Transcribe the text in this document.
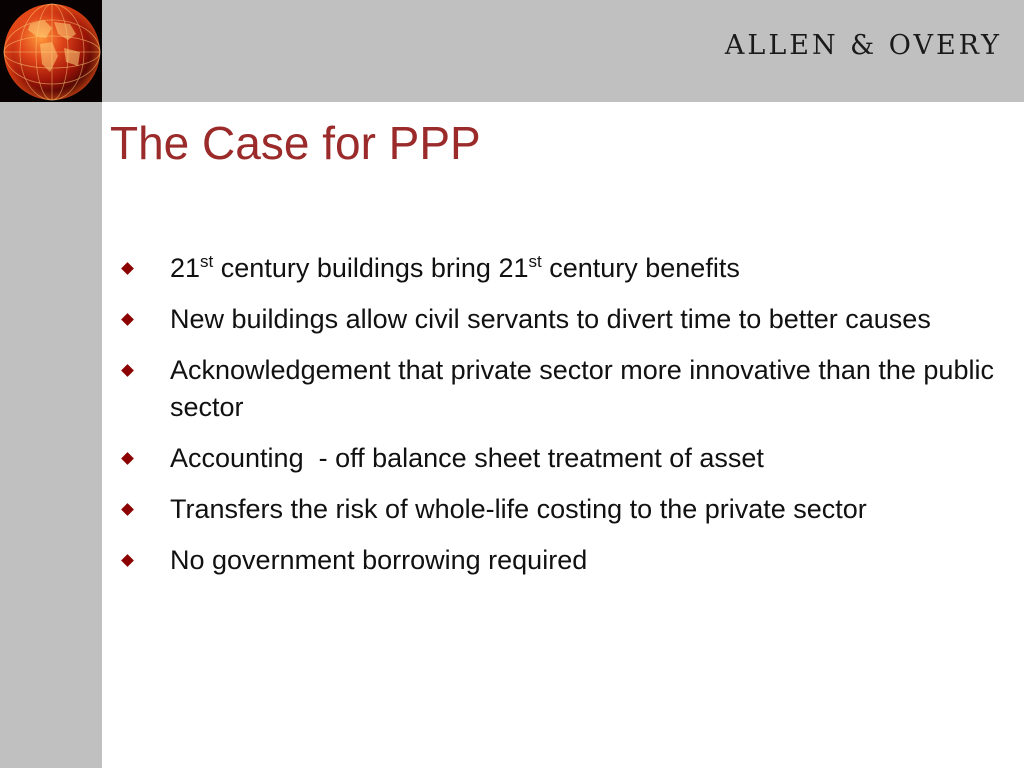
ALLEN & OVERY
The Case for PPP
21st century buildings bring 21st century benefits
New buildings allow civil servants to divert time to better causes
Acknowledgement that private sector more innovative than the public sector
Accounting  - off balance sheet treatment of asset
Transfers the risk of whole-life costing to the private sector
No government borrowing required
